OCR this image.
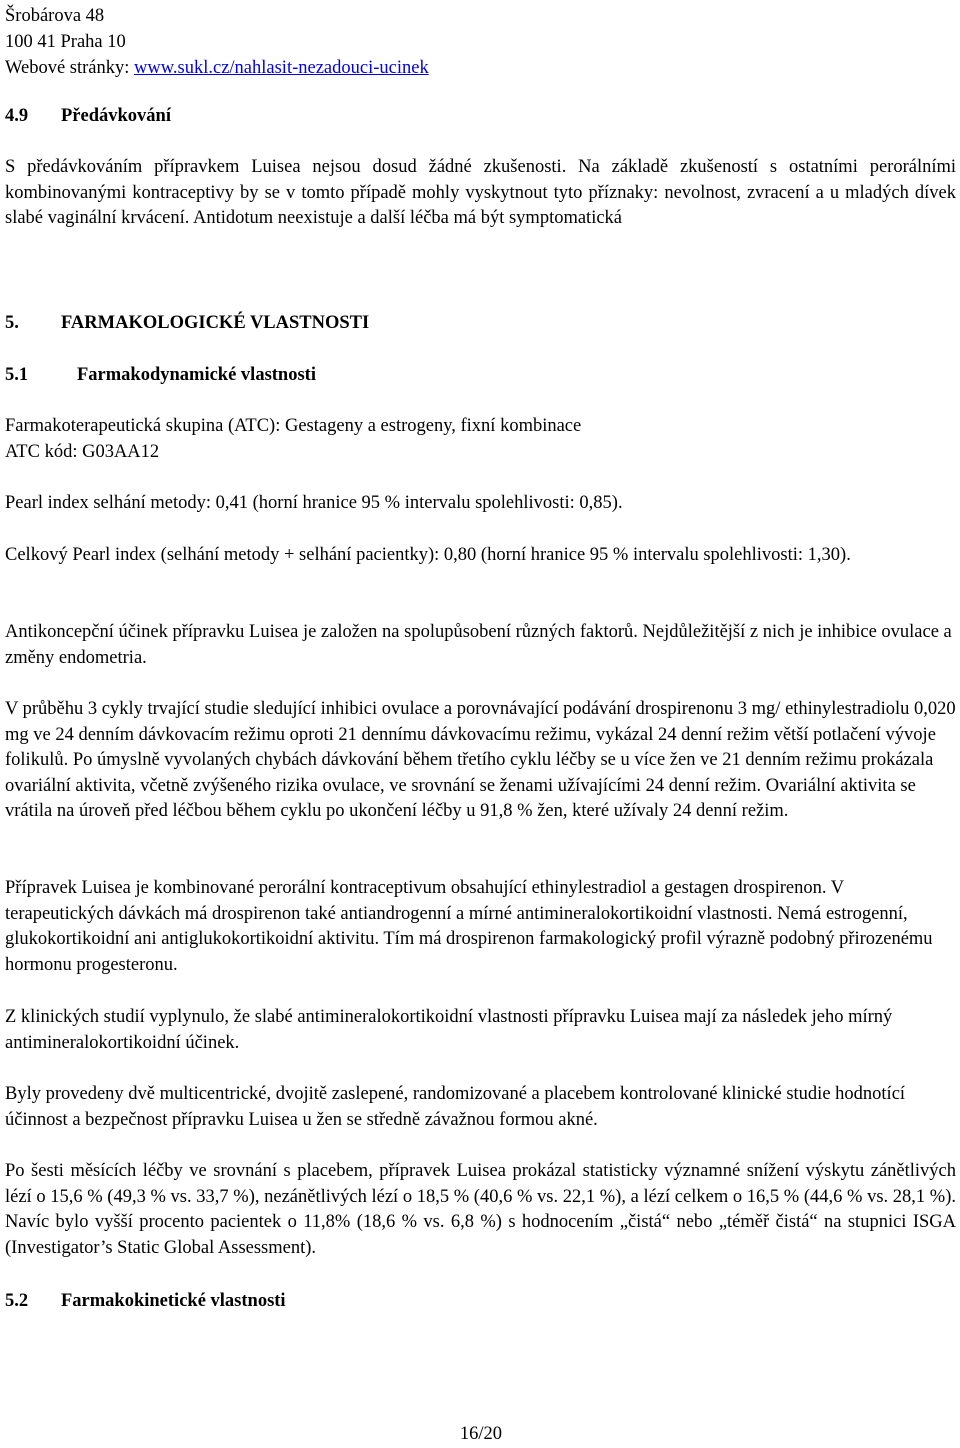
Šrobárova 48
100 41 Praha 10
Webové stránky: www.sukl.cz/nahlasit-nezadouci-ucinek
4.9 Předávkování

S předávkováním přípravkem Luisea nejsou dosud žádné zkušenosti. Na základě zkušeností s ostatními perorálními kombinovanými kontraceptivy by se v tomto případě mohly vyskytnout tyto příznaky: nevolnost, zvracení a u mladých dívek slabé vaginální krvácení. Antidotum neexistuje a další léčba má být symptomatická

5. FARMAKOLOGICKÉ VLASTNOSTI
5.1	Farmakodynamické vlastnosti
Farmakoterapeutická skupina (ATC): Gestageny a estrogeny, fixní kombinace
ATC kód: G03AA12

Pearl index selhání metody: 0,41 (horní hranice 95 % intervalu spolehlivosti: 0,85).

Celkový Pearl index (selhání metody + selhání pacientky): 0,80 (horní hranice 95 % intervalu spolehlivosti: 1,30).

Antikoncepční účinek přípravku Luisea je založen na spolupůsobení různých faktorů. Nejdůležitější z nich je inhibice ovulace a změny endometria.

V průběhu 3 cykly trvající studie sledující inhibici ovulace a porovnávající podávání drospirenonu 3 mg/ ethinylestradiolu 0,020 mg ve 24 denním dávkovacím režimu oproti 21 dennímu dávkovacímu režimu, vykázal 24 denní režim větší potlačení vývoje folikulů. Po úmyslně vyvolaných chybách dávkování během třetího cyklu léčby se u více žen ve 21 denním režimu prokázala ovariální aktivita, včetně zvýšeného rizika ovulace, ve srovnání se ženami užívajícími 24 denní režim. Ovariální aktivita se vrátila na úroveň před léčbou během cyklu po ukončení léčby u 91,8 % žen, které užívaly 24 denní režim.

Přípravek Luisea je kombinované perorální kontraceptivum obsahující ethinylestradiol a gestagen drospirenon. V terapeutických dávkách má drospirenon také antiandrogenní a mírné antimineralokortikoidní vlastnosti. Nemá estrogenní, glukokortikoidní ani antiglukokortikoidní aktivitu. Tím má drospirenon farmakologický profil výrazně podobný přirozenému hormonu progesteronu.

Z klinických studií vyplynulo, že slabé antimineralokortikoidní vlastnosti přípravku Luisea mají za následek jeho mírný antimineralokortikoidní účinek.

Byly provedeny dvě multicentrické, dvojitě zaslepené, randomizované a placebem kontrolované klinické studie hodnotící účinnost a bezpečnost přípravku Luisea u žen se středně závažnou formou akné.

Po šesti měsících léčby ve srovnání s placebem, přípravek Luisea prokázal statisticky významné snížení výskytu zánětlivých lézí o 15,6 % (49,3 % vs. 33,7 %), nezánětlivých lézí o 18,5 % (40,6 % vs. 22,1 %), a lézí celkem o 16,5 % (44,6 % vs. 28,1 %). Navíc bylo vyšší procento pacientek o 11,8% (18,6 % vs. 6,8 %) s hodnocením „čistá“ nebo „téměř čistá“ na stupnici ISGA (Investigator’s Static Global Assessment).

5.2 Farmakokinetické vlastnosti
16/20
